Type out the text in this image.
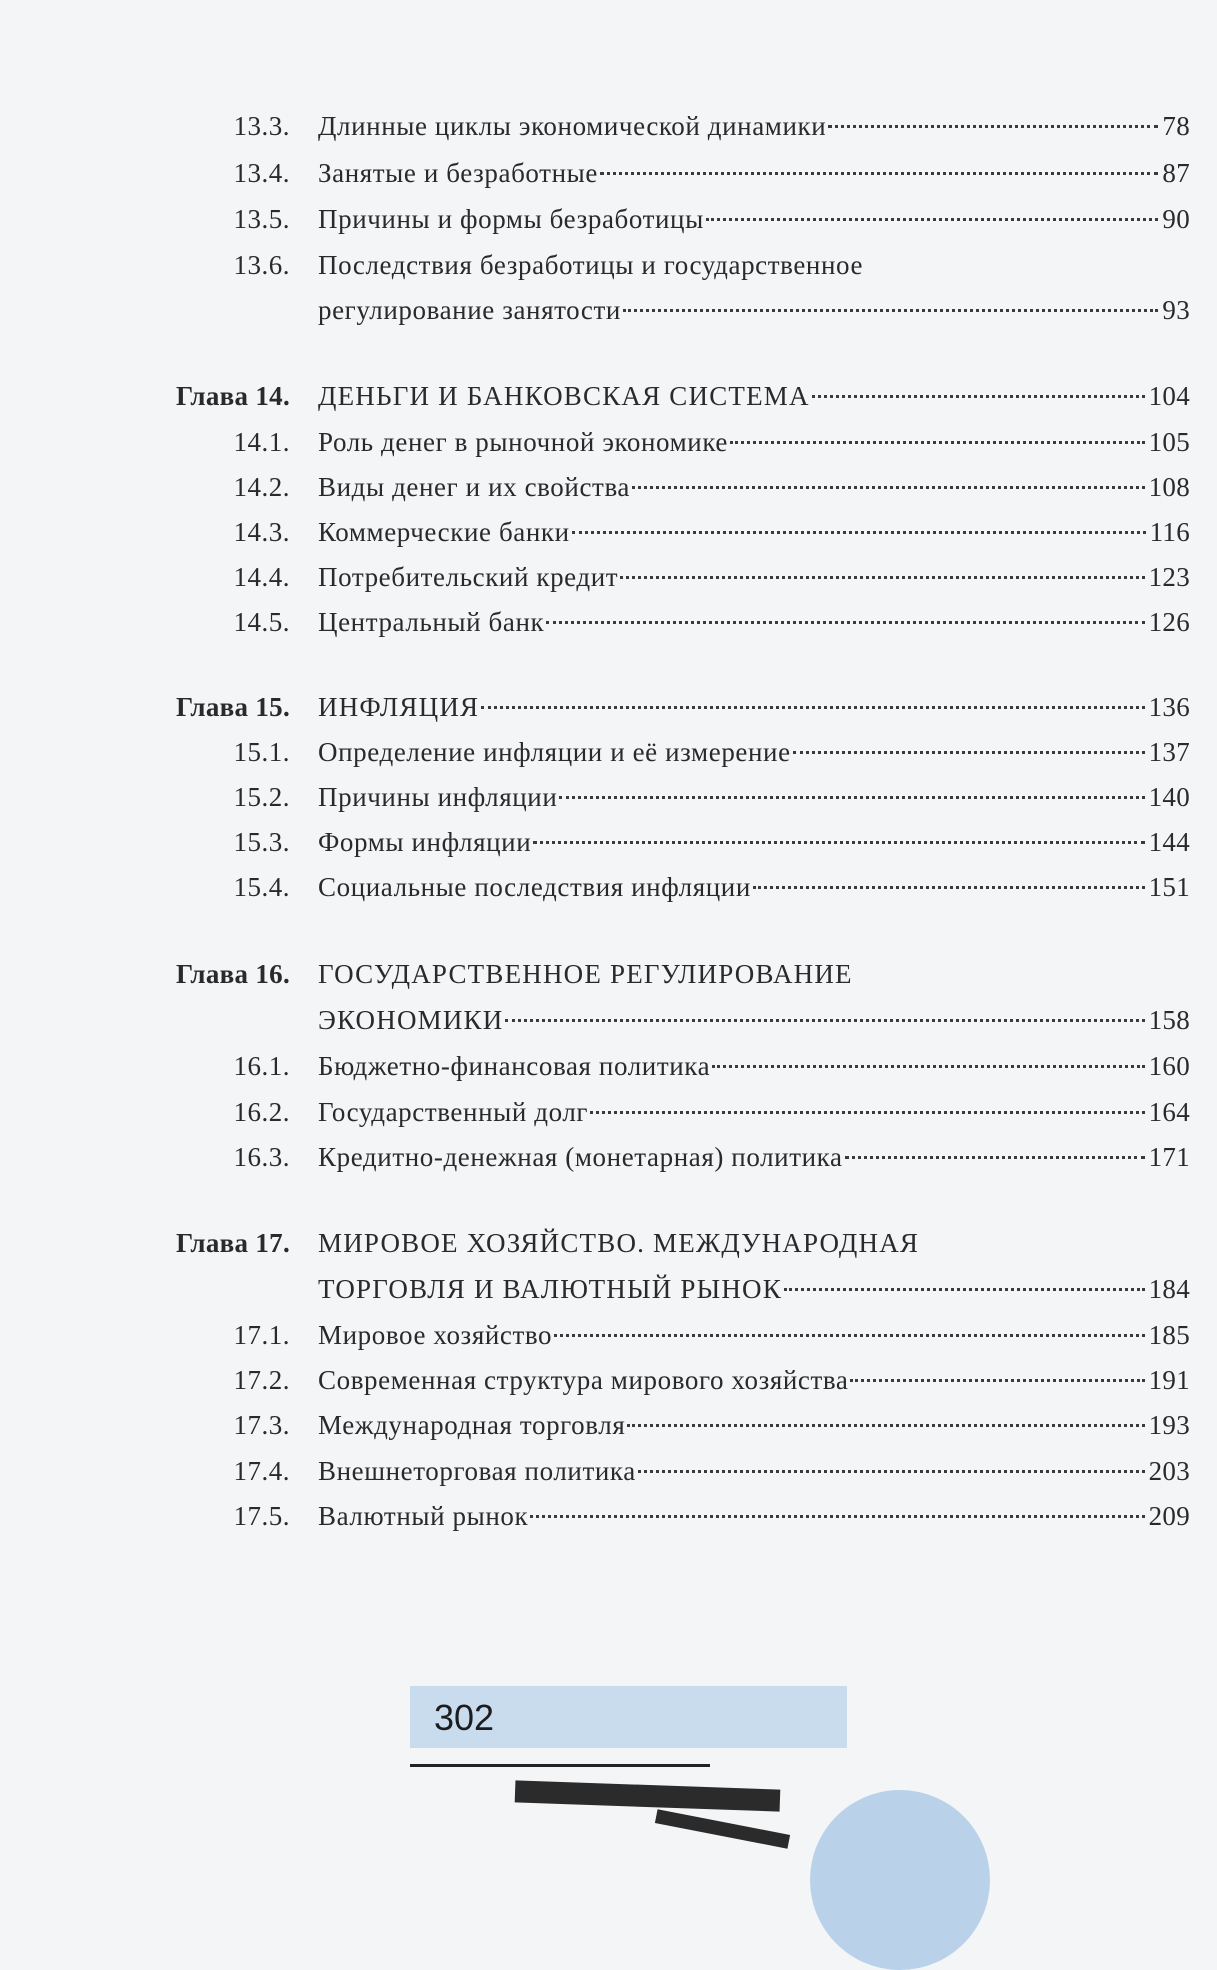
13.3. Длинные циклы экономической динамики	78
13.4. Занятые и безработные	87
13.5. Причины и формы безработицы	90
13.6. Последствия безработицы и государственное
регулирование занятости	93
Глава 14. ДЕНЬГИ И БАНКОВСКАЯ СИСТЕМА	104
14.1. Роль денег в рыночной экономике	105
14.2. Виды денег и их свойства	108
14.3. Коммерческие банки	116
14.4. Потребительский кредит	123
14.5. Центральный банк	126
Глава 15. ИНФЛЯЦИЯ	136
15.1. Определение инфляции и её измерение	137
15.2. Причины инфляции	140
15.3. Формы инфляции	144
15.4. Социальные последствия инфляции	151
Глава 16. ГОСУДАРСТВЕННОЕ РЕГУЛИРОВАНИЕ
ЭКОНОМИКИ	158
16.1. Бюджетно-финансовая политика	160
16.2. Государственный долг	164
16.3. Кредитно-денежная (монетарная) политика	171
Глава 17. МИРОВОЕ ХОЗЯЙСТВО. МЕЖДУНАРОДНАЯ
ТОРГОВЛЯ И ВАЛЮТНЫЙ РЫНОК	184
17.1. Мировое хозяйство	185
17.2. Современная структура мирового хозяйства	191
17.3. Международная торговля	193
17.4. Внешнеторговая политика	203
17.5. Валютный рынок	209
302
